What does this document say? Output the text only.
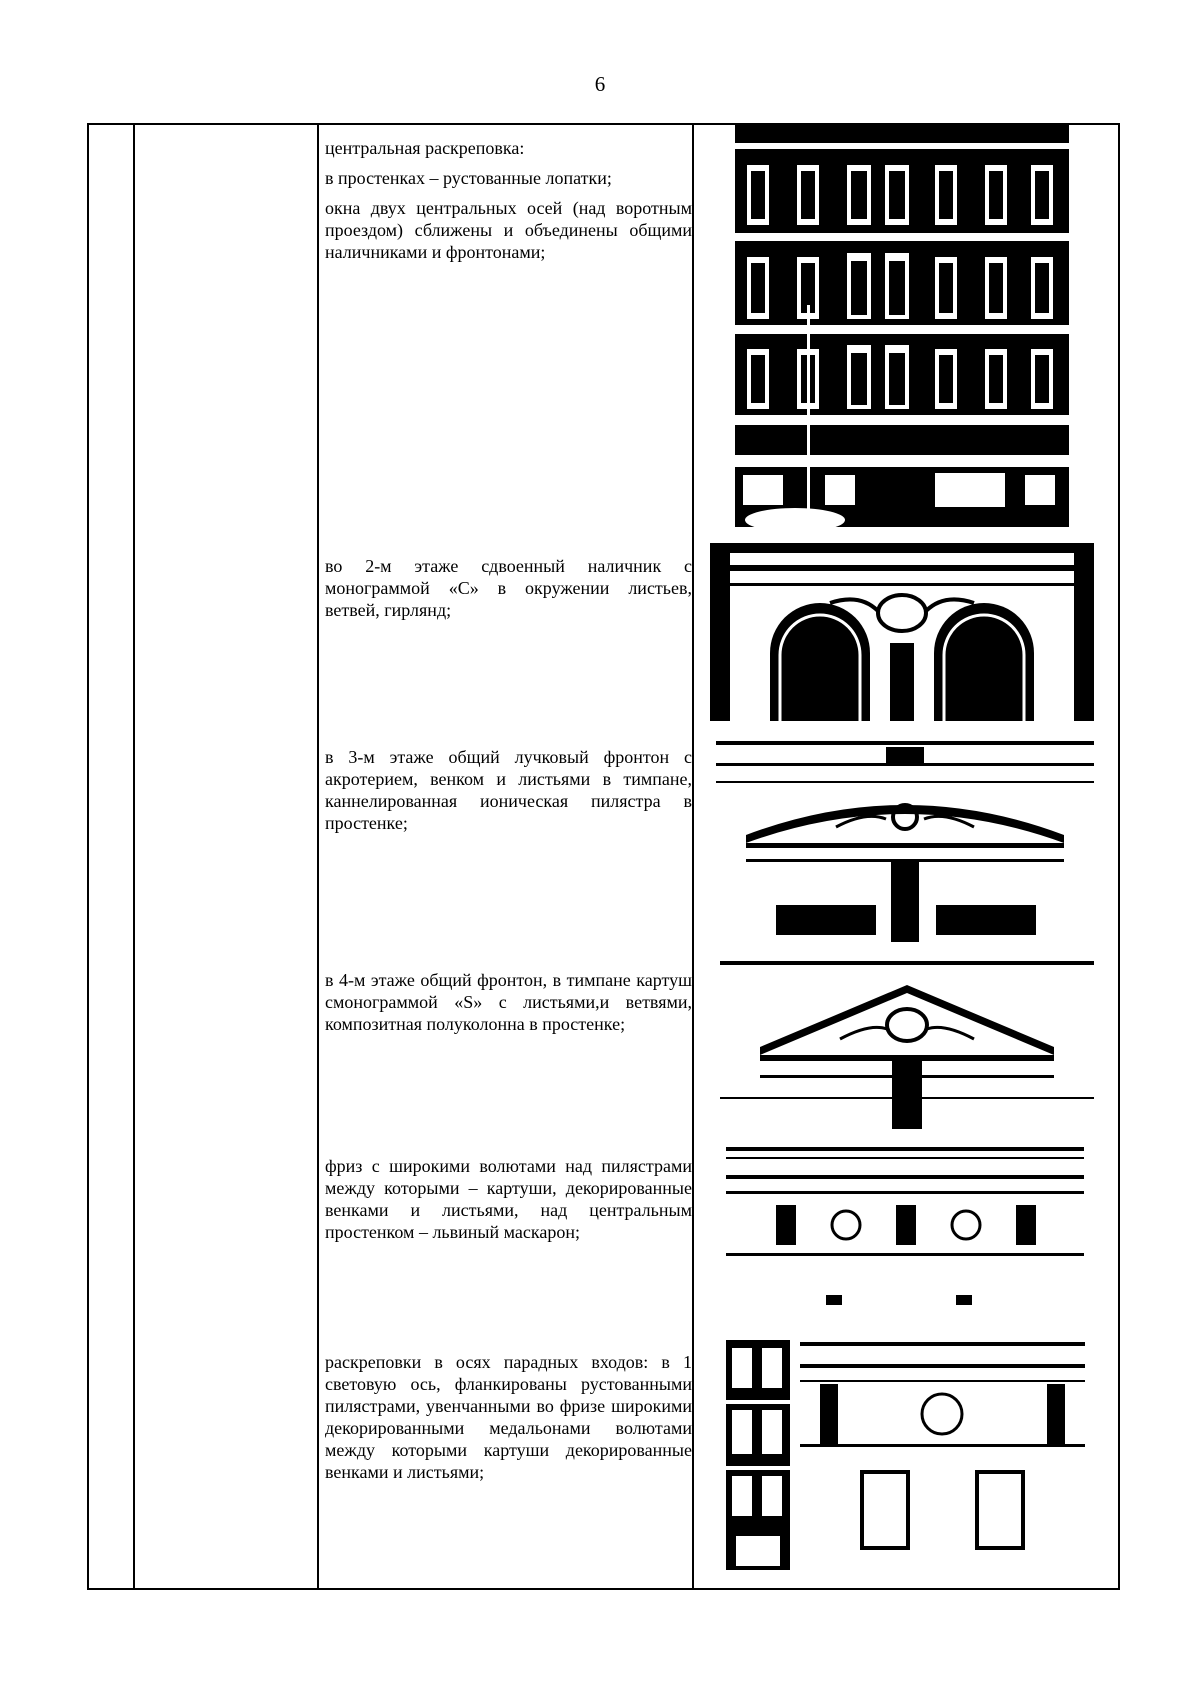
6

центральная раскреповка:

в простенках – рустованные лопатки;

окна двух центральных осей (над воротным проездом) сближены и объединены общими наличниками и фронтонами;

во 2-м этаже сдвоенный наличник с монограммой «С» в окружении листьев, ветвей, гирлянд;

в 3-м этаже общий лучковый фронтон с акротерием, венком и листьями в тимпане, каннелированная ионическая пилястра в простенке;

в 4-м этаже общий фронтон, в тимпане картуш смонограммой «S» с листьями,и ветвями, композитная полуколонна в простенке;

фриз с широкими волютами над пилястрами между которыми – картуши, декорированные венками и листьями, над центральным простенком – львиный маскарон;

раскреповки в осях парадных входов: в 1 световую ось, фланкированы рустованными пилястрами, увенчанными во фризе широкими декорированными медальонами волютами между которыми картуши декорированные венками и листьями;
